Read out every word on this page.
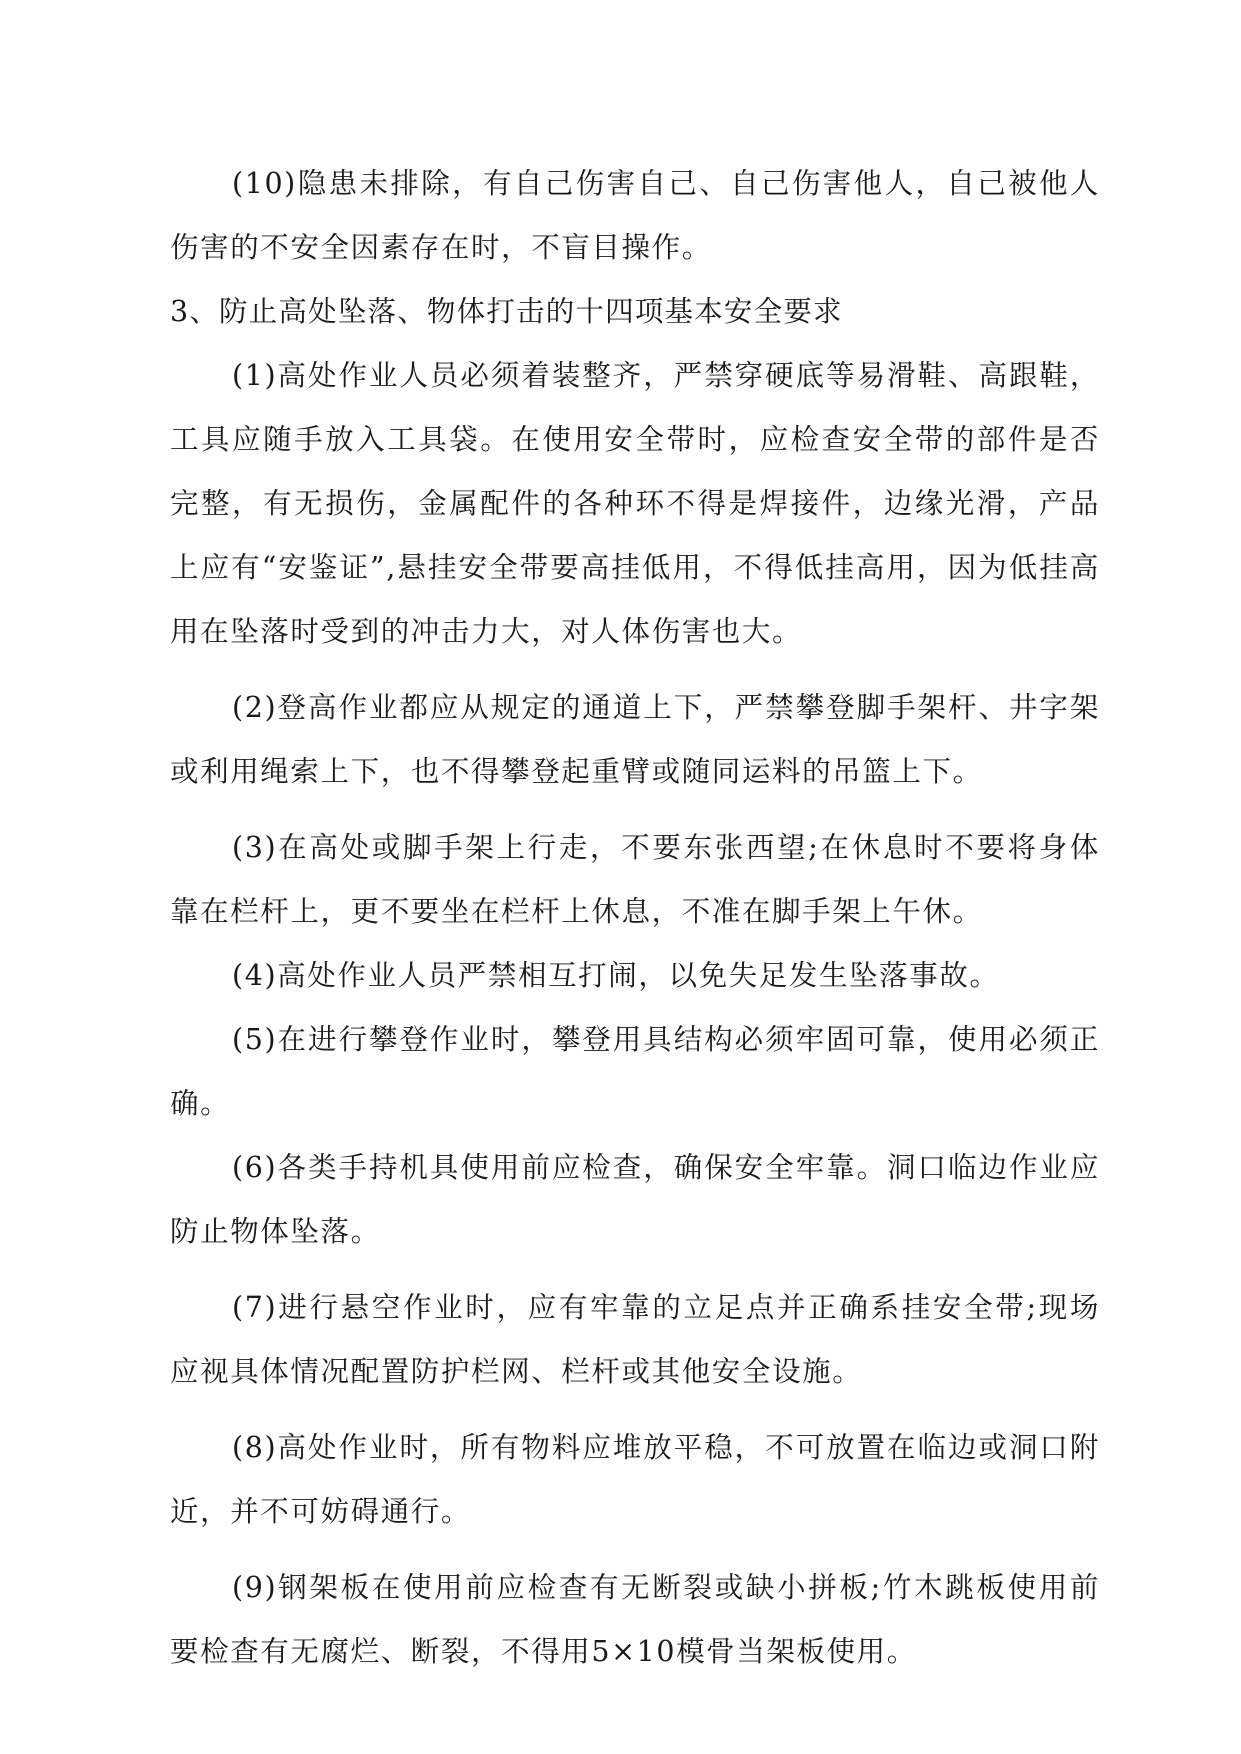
(10)隐患未排除，有自己伤害自己、自己伤害他人，自己被他人伤害的不安全因素存在时，不盲目操作。

3、防止高处坠落、物体打击的十四项基本安全要求

(1)高处作业人员必须着装整齐，严禁穿硬底等易滑鞋、高跟鞋，工具应随手放入工具袋。在使用安全带时，应检查安全带的部件是否完整，有无损伤，金属配件的各种环不得是焊接件，边缘光滑，产品上应有“安鉴证”,悬挂安全带要高挂低用，不得低挂高用，因为低挂高用在坠落时受到的冲击力大，对人体伤害也大。

(2)登高作业都应从规定的通道上下，严禁攀登脚手架杆、井字架或利用绳索上下，也不得攀登起重臂或随同运料的吊篮上下。

(3)在高处或脚手架上行走，不要东张西望;在休息时不要将身体靠在栏杆上，更不要坐在栏杆上休息，不准在脚手架上午休。

(4)高处作业人员严禁相互打闹，以免失足发生坠落事故。

(5)在进行攀登作业时，攀登用具结构必须牢固可靠，使用必须正确。

(6)各类手持机具使用前应检查，确保安全牢靠。洞口临边作业应防止物体坠落。

(7)进行悬空作业时，应有牢靠的立足点并正确系挂安全带;现场应视具体情况配置防护栏网、栏杆或其他安全设施。

(8)高处作业时，所有物料应堆放平稳，不可放置在临边或洞口附近，并不可妨碍通行。

(9)钢架板在使用前应检查有无断裂或缺小拼板;竹木跳板使用前要检查有无腐烂、断裂，不得用5×10模骨当架板使用。
